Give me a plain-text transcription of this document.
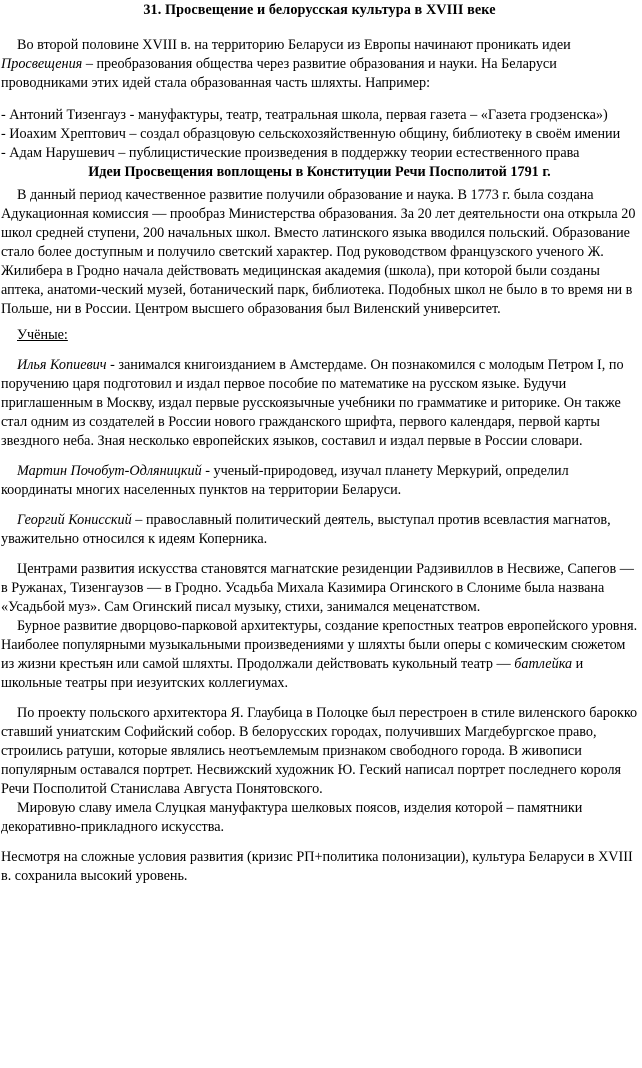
31. Просвещение и белорусская культура в XVIII веке

Во второй половине XVIII в. на территорию Беларуси из Европы начинают проникать идеи Просвещения – преобразования общества через развитие образования и науки. На Беларуси проводниками этих идей стала образованная часть шляхты. Например:

- Антоний Тизенгауз - мануфактуры, театр, театральная школа, первая газета – «Газета гродзенска»)

- Иоахим Хрептович – создал образцовую сельскохозяйственную общину, библиотеку в своём имении

- Адам Нарушевич – публицистические произведения в поддержку теории естественного права

Идеи Просвещения воплощены в Конституции Речи Посполитой 1791 г.

В данный период качественное развитие получили образование и наука. В 1773 г. была создана Адукационная комиссия — прообраз Министерства образования. За 20 лет деятельности она открыла 20 школ средней ступени, 200 начальных школ. Вместо латинского языка вводился польский. Образование стало более доступным и получило светский характер. Под руководством французского ученого Ж. Жилибера в Гродно начала действовать медицинская академия (школа), при которой были созданы аптека, анатоми-ческий музей, ботанический парк, библиотека. Подобных школ не было в то время ни в Польше, ни в России. Центром высшего образования был Виленский университет.

Учёные:

Илья Копиевич - занимался книгоизданием в Амстердаме. Он познакомился с молодым Петром I, по поручению царя подготовил и издал первое пособие по математике на русском языке. Будучи приглашенным в Москву, издал первые русскоязычные учебники по грамматике и риторике. Он также стал одним из создателей в России нового гражданского шрифта, первого календаря, первой карты звездного неба. Зная несколько европейских языков, составил и издал первые в России словари.

Мартин Почобут-Одляницкий - ученый-природовед, изучал планету Меркурий, определил координаты многих населенных пунктов на территории Беларуси.

Георгий Конисский – православный политический деятель, выступал против всевластия магнатов, уважительно относился к идеям Коперника.

Центрами развития искусства становятся магнатские резиденции Радзивиллов в Несвиже, Сапегов — в Ружанах, Тизенгаузов — в Гродно. Усадьба Михала Казимира Огинского в Слониме была названа «Усадьбой муз». Сам Огинский писал музыку, стихи, занимался меценатством.

Бурное развитие дворцово-парковой архитектуры, создание крепостных театров европейского уровня. Наиболее популярными музыкальными произведениями у шляхты были оперы с комическим сюжетом из жизни крестьян или самой шляхты. Продолжали действовать кукольный театр — батлейка и школьные театры при иезуитских коллегиумах.

По проекту польского архитектора Я. Глаубица в Полоцке был перестроен в стиле виленского барокко ставший униатским Софийский собор. В белорусских городах, получивших Магдебургское право, строились ратуши, которые являлись неотъемлемым признаком свободного города. В живописи популярным оставался портрет. Несвижский художник Ю. Геский написал портрет последнего короля Речи Посполитой Станислава Августа Понятовского.

Мировую славу имела Слуцкая мануфактура шелковых поясов, изделия которой – памятники декоративно-прикладного искусства.

Несмотря на сложные условия развития (кризис РП+политика полонизации), культура Беларуси в XVIII в. сохранила высокий уровень.
